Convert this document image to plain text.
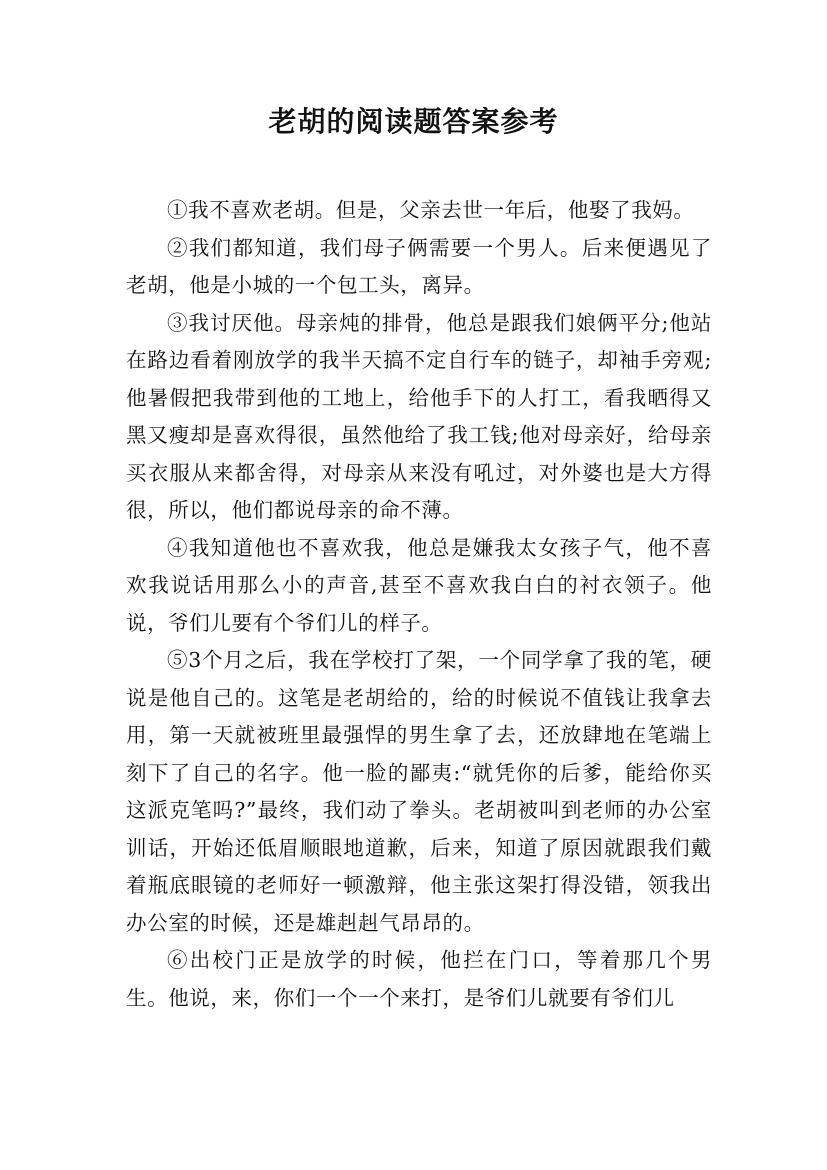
老胡的阅读题答案参考

①我不喜欢老胡。但是，父亲去世一年后，他娶了我妈。

②我们都知道，我们母子俩需要一个男人。后来便遇见了老胡，他是小城的一个包工头，离异。

③我讨厌他。母亲炖的排骨，他总是跟我们娘俩平分;他站在路边看着刚放学的我半天搞不定自行车的链子，却袖手旁观;他暑假把我带到他的工地上，给他手下的人打工，看我晒得又黑又瘦却是喜欢得很，虽然他给了我工钱;他对母亲好，给母亲买衣服从来都舍得，对母亲从来没有吼过，对外婆也是大方得很，所以，他们都说母亲的命不薄。

④我知道他也不喜欢我，他总是嫌我太女孩子气，他不喜欢我说话用那么小的声音,甚至不喜欢我白白的衬衣领子。他说，爷们儿要有个爷们儿的样子。

⑤3个月之后，我在学校打了架，一个同学拿了我的笔，硬说是他自己的。这笔是老胡给的，给的时候说不值钱让我拿去用，第一天就被班里最强悍的男生拿了去，还放肆地在笔端上刻下了自己的名字。他一脸的鄙夷:“就凭你的后爹，能给你买这派克笔吗?”最终，我们动了拳头。老胡被叫到老师的办公室训话，开始还低眉顺眼地道歉，后来，知道了原因就跟我们戴着瓶底眼镜的老师好一顿激辩，他主张这架打得没错，领我出办公室的时候，还是雄赳赳气昂昂的。

⑥出校门正是放学的时候，他拦在门口，等着那几个男生。他说，来，你们一个一个来打，是爷们儿就要有爷们儿
